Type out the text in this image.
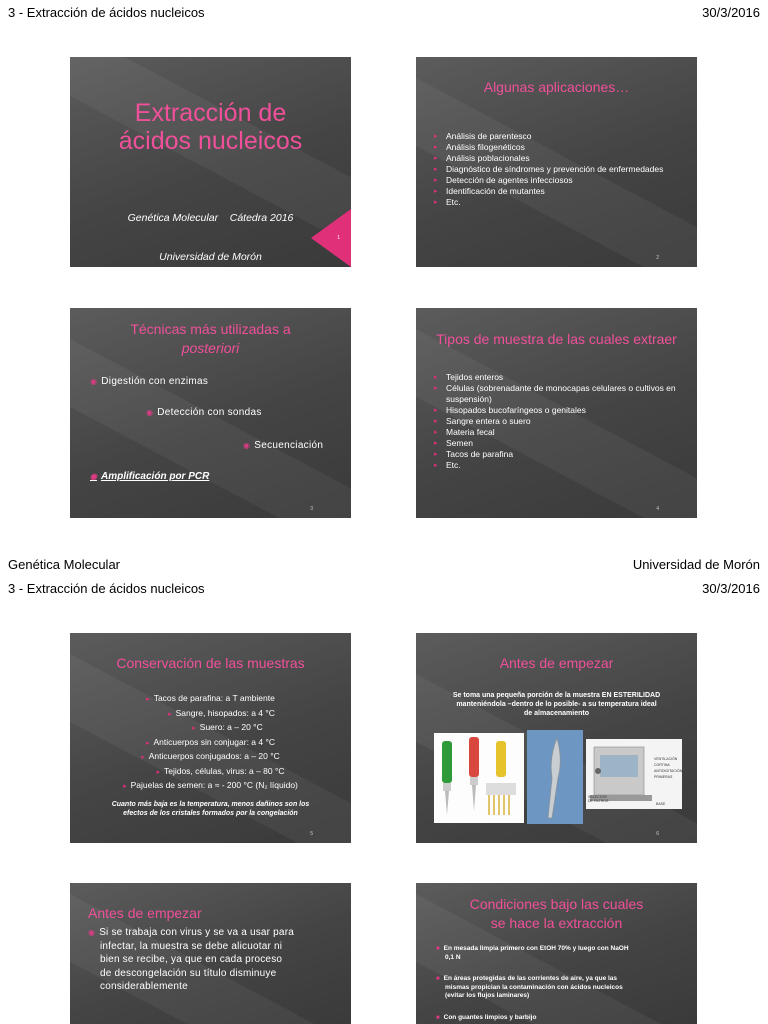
3 - Extracción de ácidos nucleicos	30/3/2016
Extracción de
ácidos nucleicos

Genética Molecular    Cátedra 2016

Universidad de Morón

1
Algunas aplicaciones…
▸ Análisis de parentesco
▸ Análisis filogenéticos
▸ Análisis poblacionales
▸ Diagnóstico de síndromes y prevención de enfermedades
▸ Detección de agentes infecciosos
▸ Identificación de mutantes
▸ Etc.
2
Técnicas más utilizadas a
posteriori
◉ Digestión con enzimas
◉ Detección con sondas
◉ Secuenciación
◉ Amplificación por PCR
3
Tipos de muestra de las cuales extraer
▸ Tejidos enteros
▸ Células (sobrenadante de monocapas celulares o cultivos en suspensión)
▸ Hisopados bucofaríngeos o genitales
▸ Sangre entera o suero
▸ Materia fecal
▸ Semen
▸ Tacos de parafina
▸ Etc.
4
Genética Molecular	Universidad de Morón
3 - Extracción de ácidos nucleicos	30/3/2016
Conservación de las muestras
▸ Tacos de parafina: a T ambiente
▸ Sangre, hisopados: a 4 °C
▸ Suero: a – 20 °C
▸ Anticuerpos sin conjugar: a 4 °C
▸ Anticuerpos conjugados: a – 20 °C
▸ Tejidos, células, virus: a – 80 °C
▸ Pajuelas de semen: a ≈ - 200 °C (N₂ líquido)
Cuanto más baja es la temperatura, menos dañinos son los
efectos de los cristales formados por la congelación
5
Antes de empezar
Se toma una pequeña porción de la muestra EN ESTERILIDAD
manteniéndola –dentro de lo posible- a su temperatura ideal
de almacenamiento
VENTILACIÓN
CORTINA
ANTIDIGITACIÓN
PRIMERAS
SELECTOR DE FILTROS
BASE
6
Antes de empezar
◉ Si se trabaja con virus y se va a usar para
infectar, la muestra se debe alicuotar ni
bien se recibe, ya que en cada proceso
de descongelación su título disminuye
considerablemente
Condiciones bajo las cuales
se hace la extracción
■ En mesada limpia primero con EtOH 70% y luego con NaOH
0,1 N
■ En áreas protegidas de las corrientes de aire, ya que las
mismas propician la contaminación con ácidos nucleicos
(evitar los flujos laminares)
■ Con guantes limpios y barbijo
